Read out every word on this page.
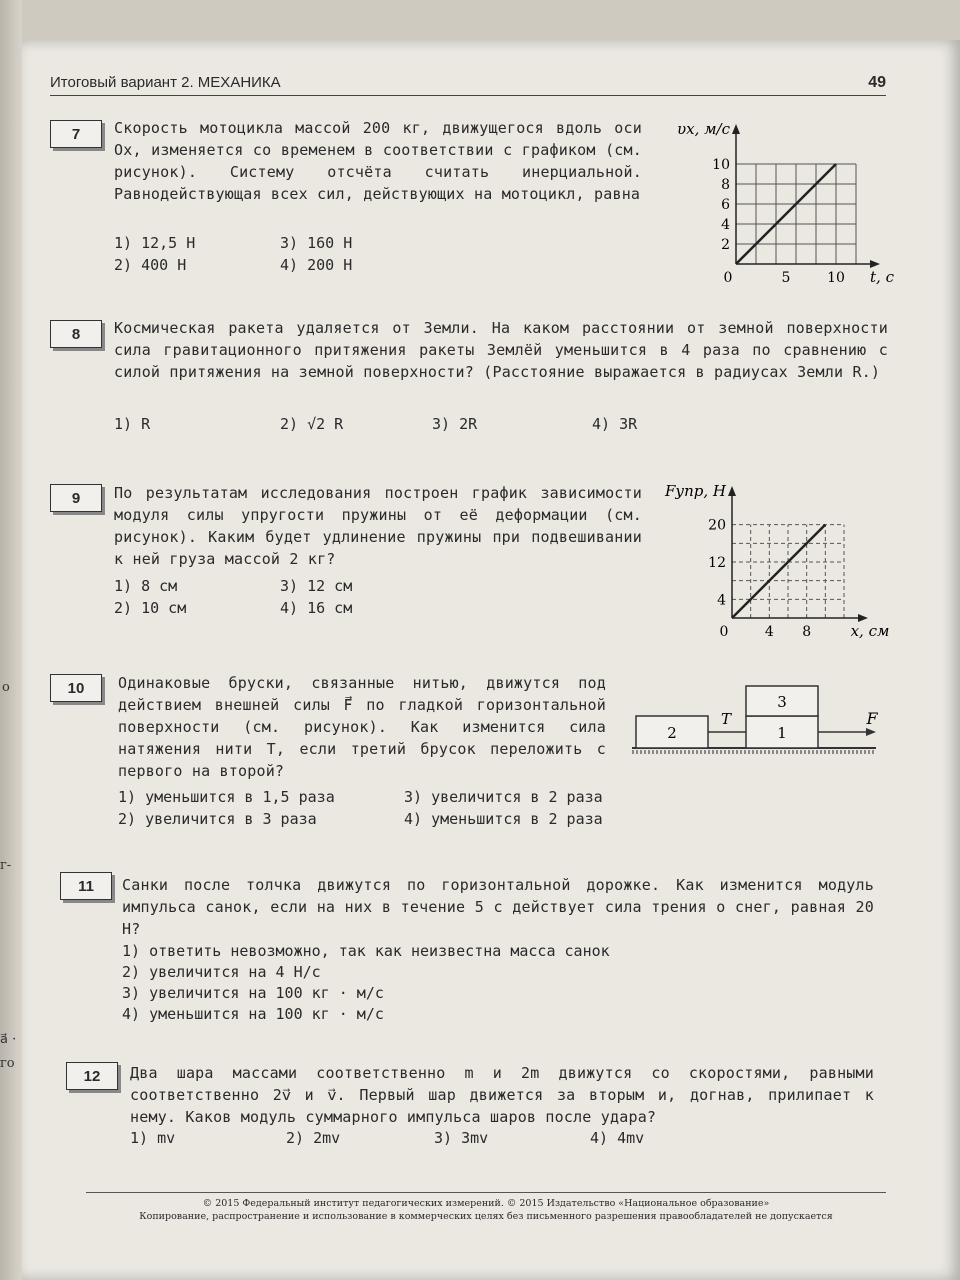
о
г-
a⃗ ·
го
Итоговый вариант 2. МЕХАНИКА	49
7	Скорость мотоцикла массой 200 кг, движущегося вдоль оси Ox, изменяется со временем в соответствии с графиком (см. рисунок). Систему отсчёта считать инерциальной. Равнодействующая всех сил, действующих на мотоцикл, равна
1) 12,5 Н	3) 160 Н
2) 400 Н	4) 200 Н
0	5	10
2
4
6
8
10
υx, м/с
t, с
8	Космическая ракета удаляется от Земли. На каком расстоянии от земной поверхности сила гравитационного притяжения ракеты Землёй уменьшится в 4 раза по сравнению с силой притяжения на земной поверхности? (Расстояние выражается в радиусах Земли R.)
1) R	2) √2 R	3) 2R	4) 3R
9	По результатам исследования построен график зависимости модуля силы упругости пружины от её деформации (см. рисунок). Каким будет удлинение пружины при подвешивании к ней груза массой 2 кг?
1) 8 см	3) 12 см
2) 10 см	4) 16 см
0	4 8
4
12
20
Fупр, Н
x, см
10	Одинаковые бруски, связанные нитью, движутся под действием внешней силы F⃗ по гладкой горизонтальной поверхности (см. рисунок). Как изменится сила натяжения нити T, если третий брусок переложить с первого на второй?
1) уменьшится в 1,5 раза	3) увеличится в 2 раза
2) увеличится в 3 раза	4) уменьшится в 2 раза
2	1
3
T	F
11	Санки после толчка движутся по горизонтальной дорожке. Как изменится модуль импульса санок, если на них в течение 5 с действует сила трения о снег, равная 20 Н?
1) ответить невозможно, так как неизвестна масса санок
2) увеличится на 4 Н/с
3) увеличится на 100 кг · м/с
4) уменьшится на 100 кг · м/с
12	Два шара массами соответственно m и 2m движутся со скоростями, равными соответственно 2v⃗ и v⃗. Первый шар движется за вторым и, догнав, прилипает к нему. Каков модуль суммарного импульса шаров после удара?
1) mv	2) 2mv	3) 3mv	4) 4mv
© 2015 Федеральный институт педагогических измерений. © 2015 Издательство «Национальное образование»
Копирование, распространение и использование в коммерческих целях без письменного разрешения правообладателей не допускается
